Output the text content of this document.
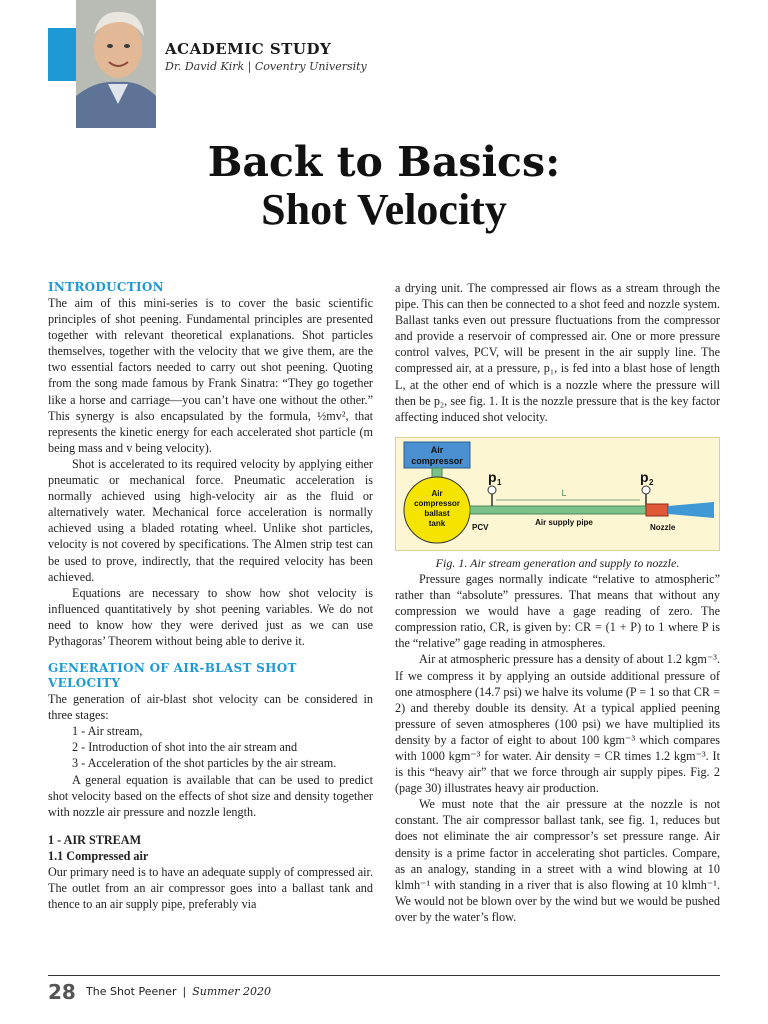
ACADEMIC STUDY
Dr. David Kirk | Coventry University
Back to Basics:
Shot Velocity
INTRODUCTION

The aim of this mini-series is to cover the basic scientific principles of shot peening. Fundamental principles are presented together with relevant theoretical explanations. Shot particles themselves, together with the velocity that we give them, are the two essential factors needed to carry out shot peening. Quoting from the song made famous by Frank Sinatra: “They go together like a horse and carriage—you can’t have one without the other.” This synergy is also encapsulated by the formula, ½mv², that represents the kinetic energy for each accelerated shot particle (m being mass and v being velocity).

Shot is accelerated to its required velocity by applying either pneumatic or mechanical force. Pneumatic acceleration is normally achieved using high-velocity air as the fluid or alternatively water. Mechanical force acceleration is normally achieved using a bladed rotating wheel. Unlike shot particles, velocity is not covered by specifications. The Almen strip test can be used to prove, indirectly, that the required velocity has been achieved.

Equations are necessary to show how shot velocity is influenced quantitatively by shot peening variables. We do not need to know how they were derived just as we can use Pythagoras’ Theorem without being able to derive it.

GENERATION OF AIR-BLAST SHOT
VELOCITY

The generation of air-blast shot velocity can be considered in three stages:

1 - Air stream,

2 - Introduction of shot into the air stream and

3 - Acceleration of the shot particles by the air stream.

A general equation is available that can be used to predict shot velocity based on the effects of shot size and density together with nozzle air pressure and nozzle length.

1 - AIR STREAM

1.1 Compressed air

Our primary need is to have an adequate supply of compressed air. The outlet from an air compressor goes into a ballast tank and thence to an air supply pipe, preferably via

a drying unit. The compressed air flows as a stream through the pipe. This can then be connected to a shot feed and nozzle system. Ballast tanks even out pressure fluctuations from the compressor and provide a reservoir of compressed air. One or more pressure control valves, PCV, will be present in the air supply line. The compressed air, at a pressure, p₁, is fed into a blast hose of length L, at the other end of which is a nozzle where the pressure will then be p₂, see fig. 1. It is the nozzle pressure that is the key factor affecting induced shot velocity.

Air
compressor
Air
compressor
ballast
tank
p 1	p 2
L
PCV
Air supply pipe
Nozzle

Fig. 1. Air stream generation and supply to nozzle.

Pressure gages normally indicate “relative to atmospheric” rather than “absolute” pressures. That means that without any compression we would have a gage reading of zero. The compression ratio, CR, is given by: CR = (1 + P) to 1 where P is the “relative” gage reading in atmospheres.

Air at atmospheric pressure has a density of about 1.2 kgm⁻³. If we compress it by applying an outside additional pressure of one atmosphere (14.7 psi) we halve its volume (P = 1 so that CR = 2) and thereby double its density. At a typical applied peening pressure of seven atmospheres (100 psi) we have multiplied its density by a factor of eight to about 100 kgm⁻³ which compares with 1000 kgm⁻³ for water. Air density = CR times 1.2 kgm⁻³. It is this “heavy air” that we force through air supply pipes. Fig. 2 (page 30) illustrates heavy air production.

We must note that the air pressure at the nozzle is not constant. The air compressor ballast tank, see fig. 1, reduces but does not eliminate the air compressor’s set pressure range. Air density is a prime factor in accelerating shot particles. Compare, as an analogy, standing in a street with a wind blowing at 10 klmh⁻¹ with standing in a river that is also flowing at 10 klmh⁻¹. We would not be blown over by the wind but we would be pushed over by the water’s flow.

28 The Shot Peener | Summer 2020
